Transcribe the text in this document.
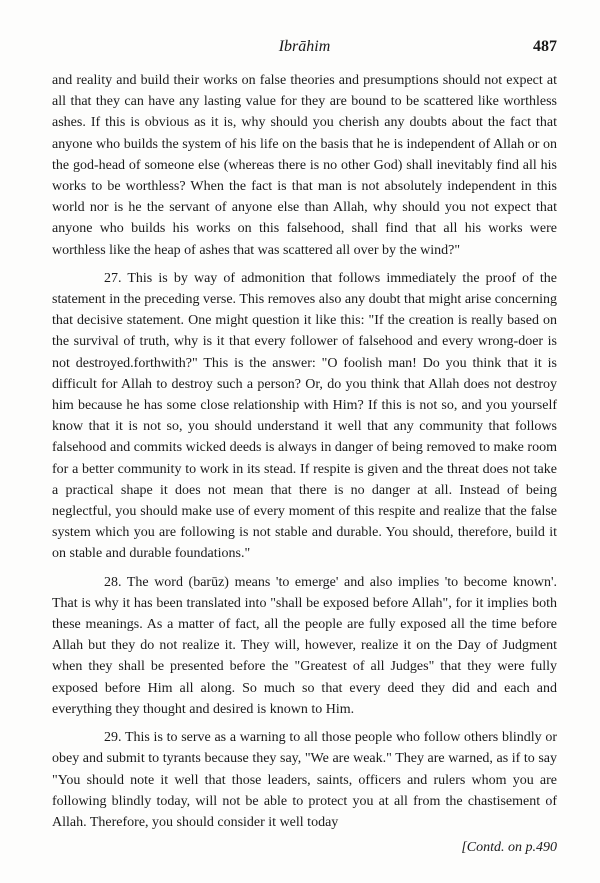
Ibrāhim	487

and reality and build their works on false theories and presumptions should not expect at all that they can have any lasting value for they are bound to be scattered like worthless ashes. If this is obvious as it is, why should you cherish any doubts about the fact that anyone who builds the system of his life on the basis that he is independent of Allah or on the god-head of someone else (whereas there is no other God) shall inevitably find all his works to be worthless? When the fact is that man is not absolutely independent in this world nor is he the servant of anyone else than Allah, why should you not expect that anyone who builds his works on this falsehood, shall find that all his works were worthless like the heap of ashes that was scattered all over by the wind?"

27. This is by way of admonition that follows immediately the proof of the statement in the preceding verse. This removes also any doubt that might arise concerning that decisive statement. One might question it like this: "If the creation is really based on the survival of truth, why is it that every follower of falsehood and every wrong-doer is not destroyed.forthwith?" This is the answer: "O foolish man! Do you think that it is difficult for Allah to destroy such a person? Or, do you think that Allah does not destroy him because he has some close relationship with Him? If this is not so, and you yourself know that it is not so, you should understand it well that any community that follows falsehood and commits wicked deeds is always in danger of being removed to make room for a better community to work in its stead. If respite is given and the threat does not take a practical shape it does not mean that there is no danger at all. Instead of being neglectful, you should make use of every moment of this respite and realize that the false system which you are following is not stable and durable. You should, therefore, build it on stable and durable foundations."

28. The word (barūz) means 'to emerge' and also implies 'to become known'. That is why it has been translated into "shall be exposed before Allah", for it implies both these meanings. As a matter of fact, all the people are fully exposed all the time before Allah but they do not realize it. They will, however, realize it on the Day of Judgment when they shall be presented before the "Greatest of all Judges" that they were fully exposed before Him all along. So much so that every deed they did and each and everything they thought and desired is known to Him.

29. This is to serve as a warning to all those people who follow others blindly or obey and submit to tyrants because they say, "We are weak." They are warned, as if to say "You should note it well that those leaders, saints, officers and rulers whom you are following blindly today, will not be able to protect you at all from the chastisement of Allah. Therefore, you should consider it well today

[Contd. on p.490
